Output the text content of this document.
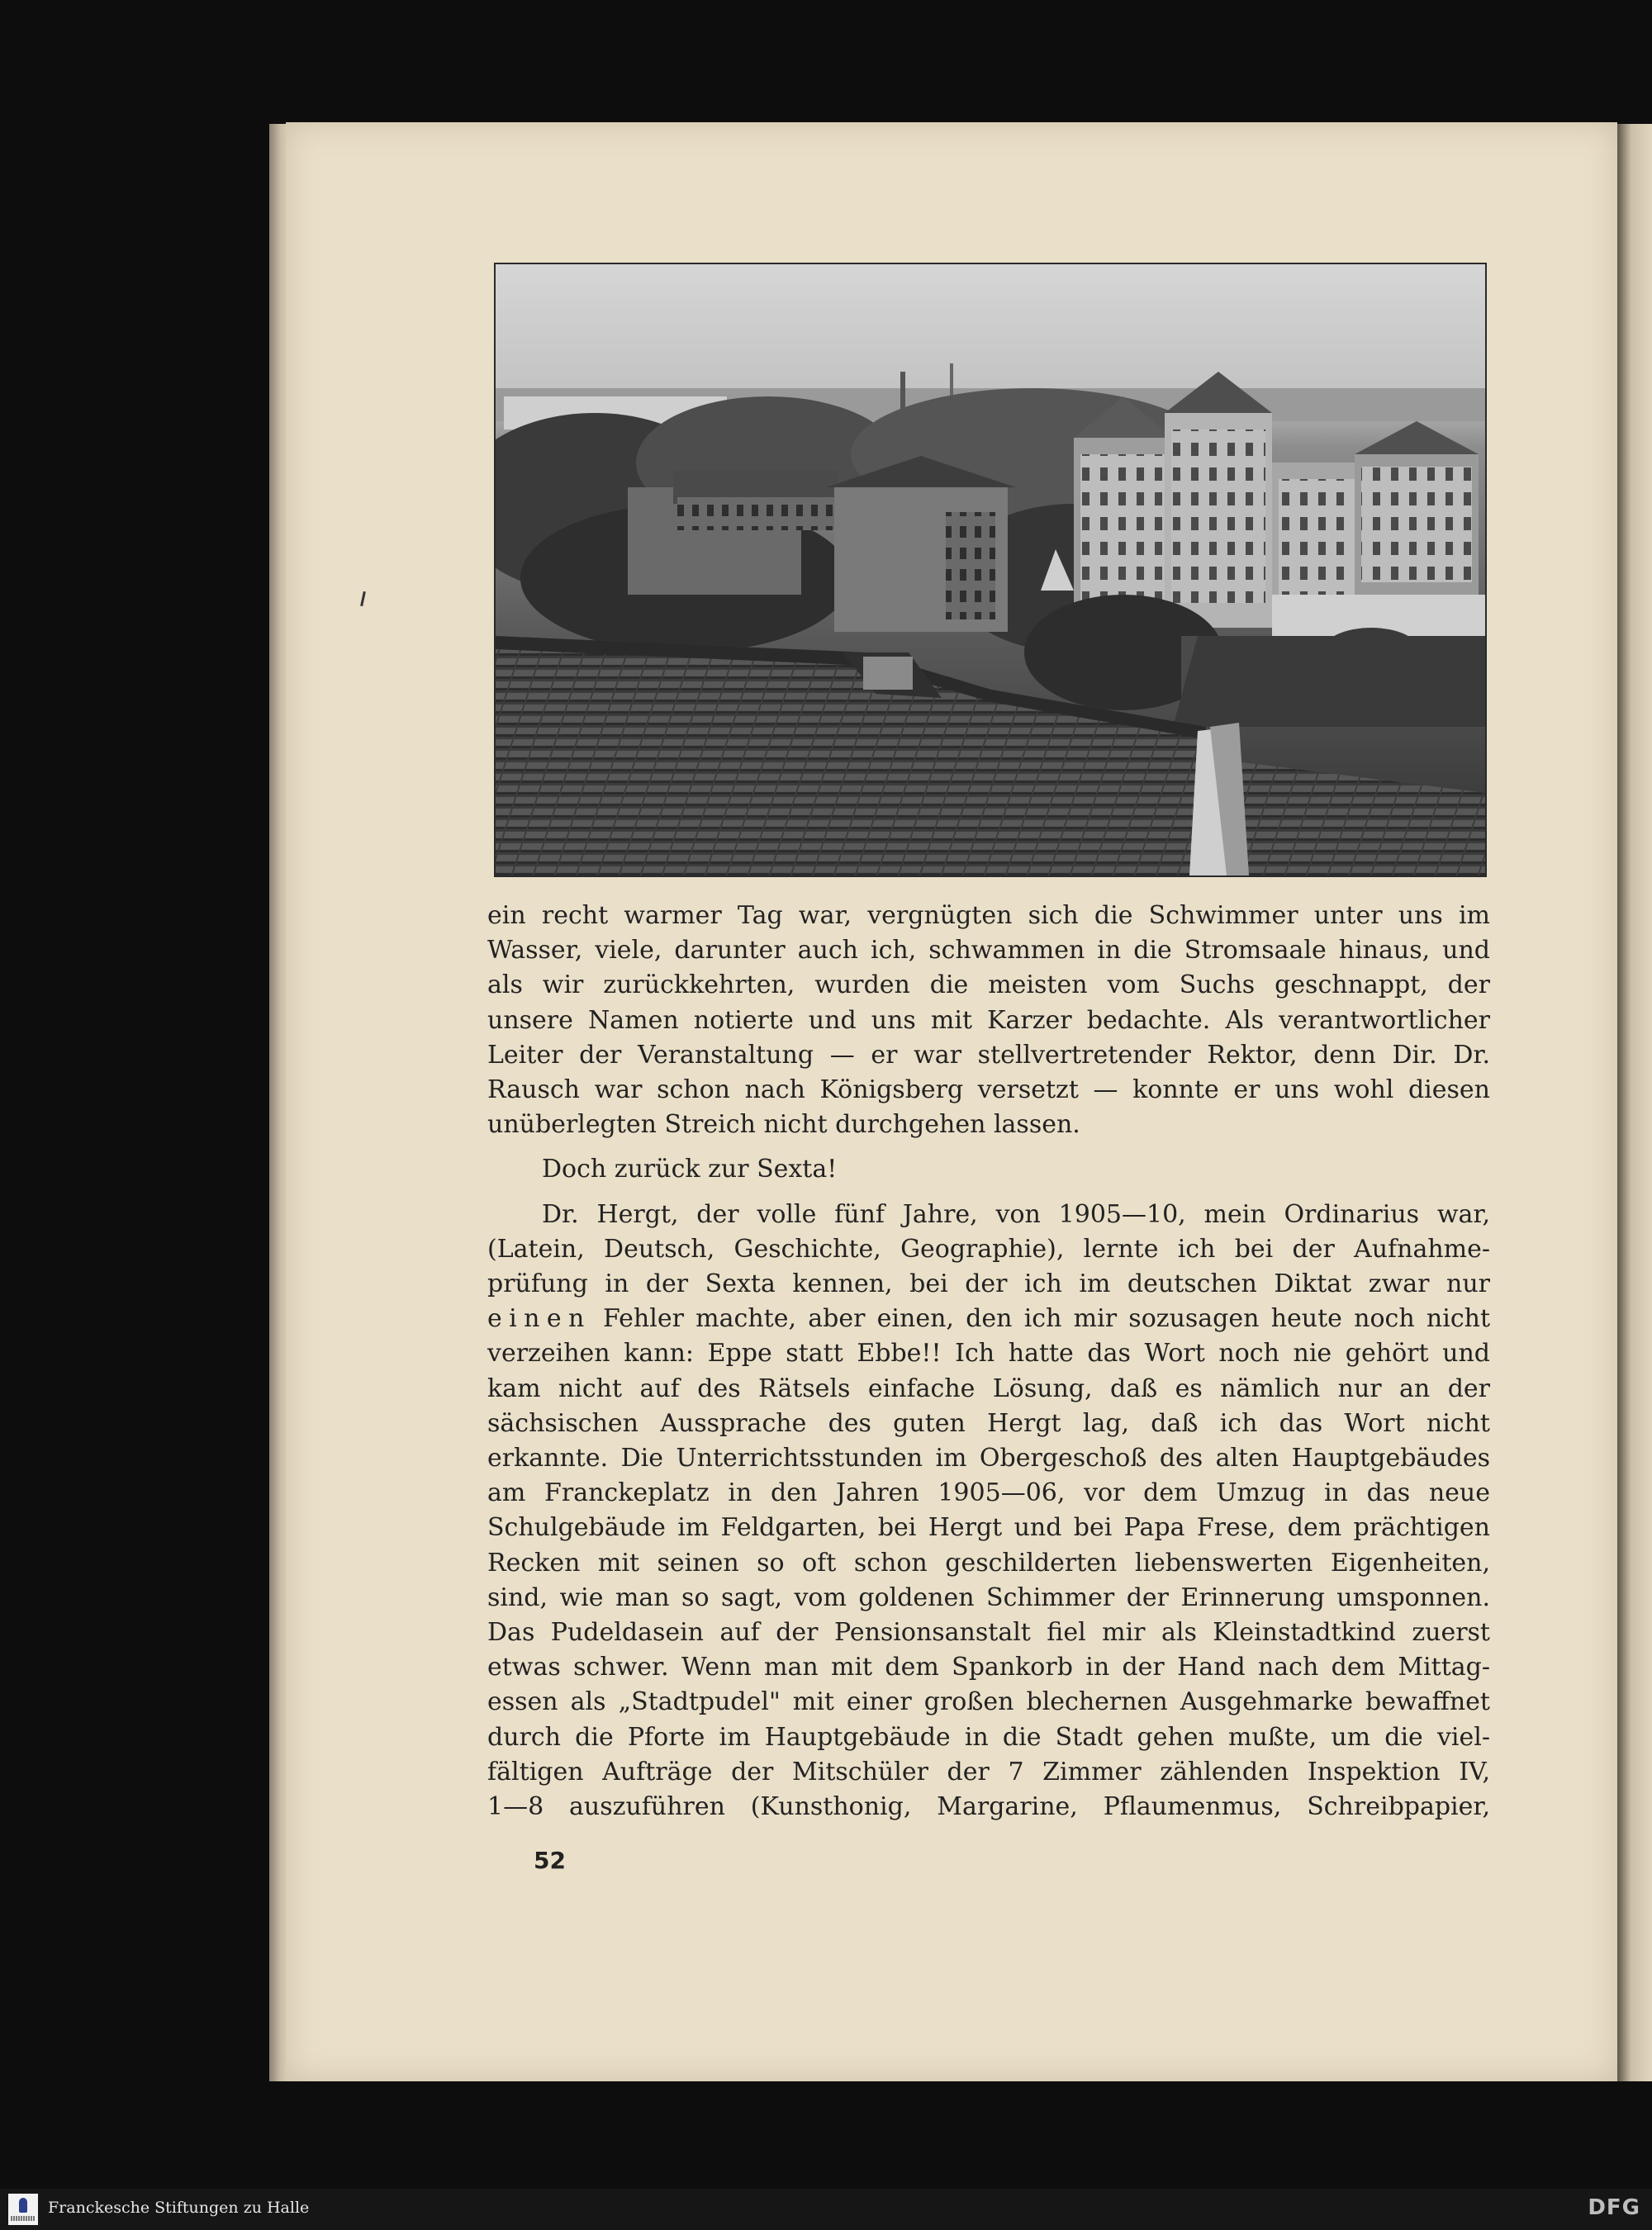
ein recht warmer Tag war, vergnügten sich die Schwimmer unter uns im
Wasser, viele, darunter auch ich, schwammen in die Stromsaale hinaus, und
als wir zurückkehrten, wurden die meisten vom Suchs geschnappt, der
unsere Namen notierte und uns mit Karzer bedachte. Als verantwortlicher
Leiter der Veranstaltung — er war stellvertretender Rektor, denn Dir. Dr.
Rausch war schon nach Königsberg versetzt — konnte er uns wohl diesen
unüberlegten Streich nicht durchgehen lassen.

Doch zurück zur Sexta!

Dr. Hergt, der volle fünf Jahre, von 1905—10, mein Ordinarius war,
(Latein, Deutsch, Geschichte, Geographie), lernte ich bei der Aufnahme-
prüfung in der Sexta kennen, bei der ich im deutschen Diktat zwar nur
einen Fehler machte, aber einen, den ich mir sozusagen heute noch nicht
verzeihen kann: Eppe statt Ebbe!! Ich hatte das Wort noch nie gehört und
kam nicht auf des Rätsels einfache Lösung, daß es nämlich nur an der
sächsischen Aussprache des guten Hergt lag, daß ich das Wort nicht
erkannte. Die Unterrichtsstunden im Obergeschoß des alten Hauptgebäudes
am Franckeplatz in den Jahren 1905—06, vor dem Umzug in das neue
Schulgebäude im Feldgarten, bei Hergt und bei Papa Frese, dem prächtigen
Recken mit seinen so oft schon geschilderten liebenswerten Eigenheiten,
sind, wie man so sagt, vom goldenen Schimmer der Erinnerung umsponnen.
Das Pudeldasein auf der Pensionsanstalt fiel mir als Kleinstadtkind zuerst
etwas schwer. Wenn man mit dem Spankorb in der Hand nach dem Mittag-
essen als „Stadtpudel" mit einer großen blechernen Ausgehmarke bewaffnet
durch die Pforte im Hauptgebäude in die Stadt gehen mußte, um die viel-
fältigen Aufträge der Mitschüler der 7 Zimmer zählenden Inspektion IV,
1—8 auszuführen (Kunsthonig, Margarine, Pflaumenmus, Schreibpapier,

52
Franckesche Stiftungen zu Halle	DFG
